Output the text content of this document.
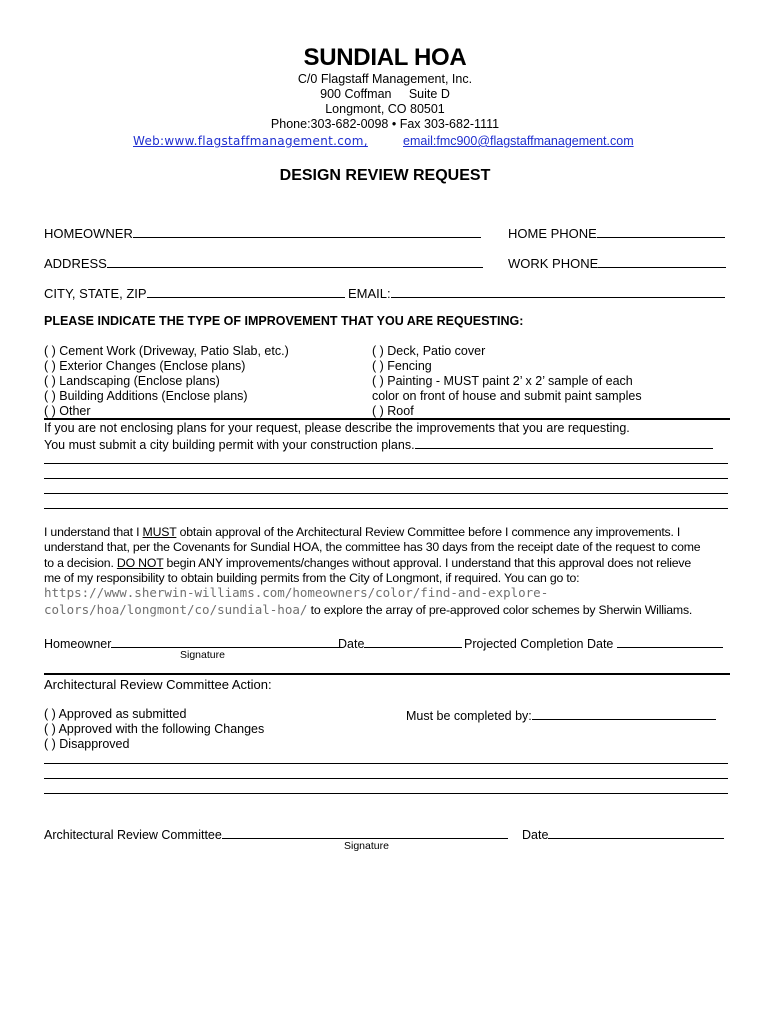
SUNDIAL HOA
C/0 Flagstaff Management, Inc.
900 Coffman     Suite D
Longmont, CO 80501
Phone:303-682-0098 • Fax 303-682-1111
Web:www.flagstaffmanagement.com,	email:fmc900@flagstaffmanagement.com
DESIGN REVIEW REQUEST
HOMEOWNER	HOME PHONE
ADDRESS	WORK PHONE
CITY, STATE, ZIP	EMAIL:
PLEASE INDICATE THE TYPE OF IMPROVEMENT THAT YOU ARE REQUESTING:
( ) Cement Work (Driveway, Patio Slab, etc.)
( ) Exterior Changes (Enclose plans)
( ) Landscaping (Enclose plans)
( ) Building Additions (Enclose plans)
( ) Other
( ) Deck, Patio cover
( ) Fencing
( ) Painting - MUST paint 2’ x 2’ sample of each
color on front of house and submit paint samples
( ) Roof
If you are not enclosing plans for your request, please describe the improvements that you are requesting.
You must submit a city building permit with your construction plans.
I understand that I MUST obtain approval of the Architectural Review Committee before I commence any improvements. I
understand that, per the Covenants for Sundial HOA, the committee has 30 days from the receipt date of the request to come
to a decision. DO NOT begin ANY improvements/changes without approval. I understand that this approval does not relieve
me of my responsibility to obtain building permits from the City of Longmont, if required. You can go to:
https://www.sherwin-williams.com/homeowners/color/find-and-explore-
colors/hoa/longmont/co/sundial-hoa/ to explore the array of pre-approved color schemes by Sherwin Williams.
Homeowner	Date	Projected Completion Date
Signature
Architectural Review Committee Action:
( ) Approved as submitted
( ) Approved with the following Changes
( ) Disapproved
Must be completed by:
Architectural Review Committee	Date
Signature
